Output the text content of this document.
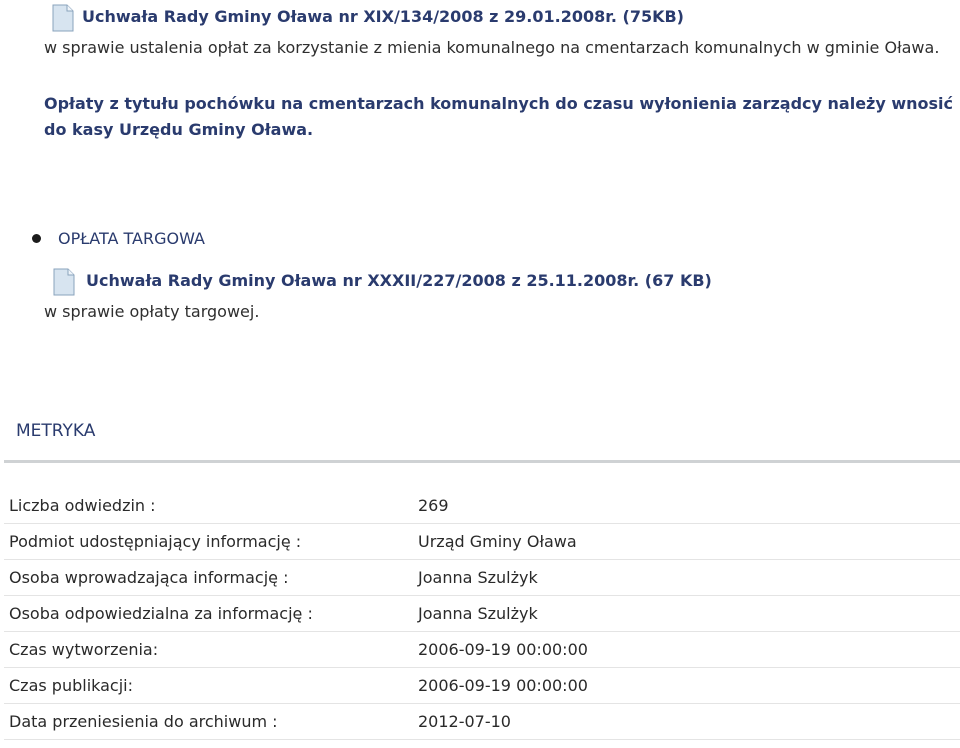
Uchwała Rady Gminy Oława nr XIX/134/2008 z 29.01.2008r. (75KB)
w sprawie ustalenia opłat za korzystanie z mienia komunalnego na cmentarzach komunalnych w gminie Oława.
Opłaty z tytułu pochówku na cmentarzach komunalnych do czasu wyłonienia zarządcy należy wnosić
do kasy Urzędu Gminy Oława.
OPŁATA TARGOWA
Uchwała Rady Gminy Oława nr XXXII/227/2008 z 25.11.2008r. (67 KB)
w sprawie opłaty targowej.
METRYKA
Liczba odwiedzin :	269
Podmiot udostępniający informację :	Urząd Gminy Oława
Osoba wprowadzająca informację :	Joanna Szulżyk
Osoba odpowiedzialna za informację :	Joanna Szulżyk
Czas wytworzenia:	2006-09-19 00:00:00
Czas publikacji:	2006-09-19 00:00:00
Data przeniesienia do archiwum :	2012-07-10
